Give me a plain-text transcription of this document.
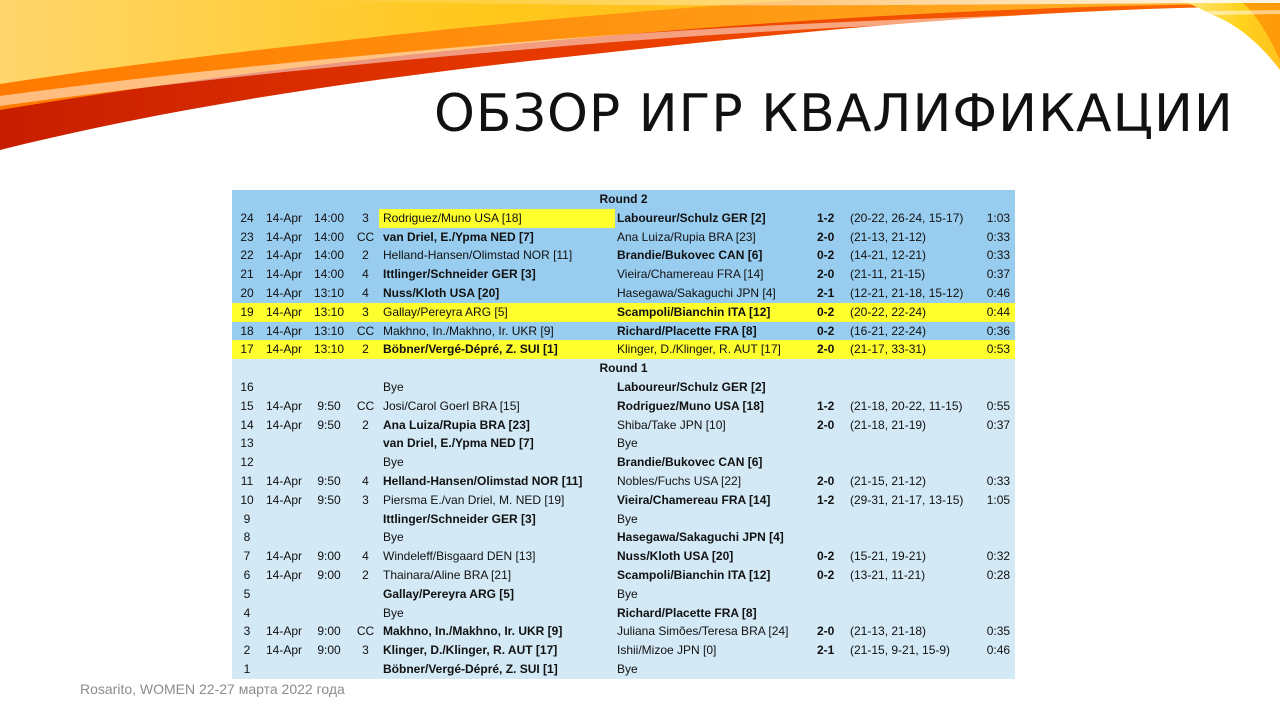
ОБЗОР ИГР КВАЛИФИКАЦИИ
Round 2								
24	14-Apr	14:00	3	Rodriguez/Muno USA [18]	Laboureur/Schulz GER [2]	1-2	(20-22, 26-24, 15-17)	1:03
23	14-Apr	14:00	CC	van Driel, E./Ypma NED [7]	Ana Luiza/Rupia BRA [23]	2-0	(21-13, 21-12)	0:33
22	14-Apr	14:00	2	Helland-Hansen/Olimstad NOR [11]	Brandie/Bukovec CAN [6]	0-2	(14-21, 12-21)	0:33
21	14-Apr	14:00	4	Ittlinger/Schneider GER [3]	Vieira/Chamereau FRA [14]	2-0	(21-11, 21-15)	0:37
20	14-Apr	13:10	4	Nuss/Kloth USA [20]	Hasegawa/Sakaguchi JPN [4]	2-1	(12-21, 21-18, 15-12)	0:46
19	14-Apr	13:10	3	Gallay/Pereyra ARG [5]	Scampoli/Bianchin ITA [12]	0-2	(20-22, 22-24)	0:44
18	14-Apr	13:10	CC	Makhno, In./Makhno, Ir. UKR [9]	Richard/Placette FRA [8]	0-2	(16-21, 22-24)	0:36
17	14-Apr	13:10	2	Böbner/Vergé-Dépré, Z. SUI [1]	Klinger, D./Klinger, R. AUT [17]	2-0	(21-17, 33-31)	0:53
Round 1								
16				Bye	Laboureur/Schulz GER [2]			
15	14-Apr	9:50	CC	Josi/Carol Goerl BRA [15]	Rodriguez/Muno USA [18]	1-2	(21-18, 20-22, 11-15)	0:55
14	14-Apr	9:50	2	Ana Luiza/Rupia BRA [23]	Shiba/Take JPN [10]	2-0	(21-18, 21-19)	0:37
13				van Driel, E./Ypma NED [7]	Bye			
12				Bye	Brandie/Bukovec CAN [6]			
11	14-Apr	9:50	4	Helland-Hansen/Olimstad NOR [11]	Nobles/Fuchs USA [22]	2-0	(21-15, 21-12)	0:33
10	14-Apr	9:50	3	Piersma E./van Driel, M. NED [19]	Vieira/Chamereau FRA [14]	1-2	(29-31, 21-17, 13-15)	1:05
9				Ittlinger/Schneider GER [3]	Bye			
8				Bye	Hasegawa/Sakaguchi JPN [4]			
7	14-Apr	9:00	4	Windeleff/Bisgaard DEN [13]	Nuss/Kloth USA [20]	0-2	(15-21, 19-21)	0:32
6	14-Apr	9:00	2	Thainara/Aline BRA [21]	Scampoli/Bianchin ITA [12]	0-2	(13-21, 11-21)	0:28
5				Gallay/Pereyra ARG [5]	Bye			
4				Bye	Richard/Placette FRA [8]			
3	14-Apr	9:00	CC	Makhno, In./Makhno, Ir. UKR [9]	Juliana Simões/Teresa BRA [24]	2-0	(21-13, 21-18)	0:35
2	14-Apr	9:00	3	Klinger, D./Klinger, R. AUT [17]	Ishii/Mizoe JPN [0]	2-1	(21-15, 9-21, 15-9)	0:46
1				Böbner/Vergé-Dépré, Z. SUI [1]	Bye			
Rosarito, WOMEN 22-27 марта 2022 года
